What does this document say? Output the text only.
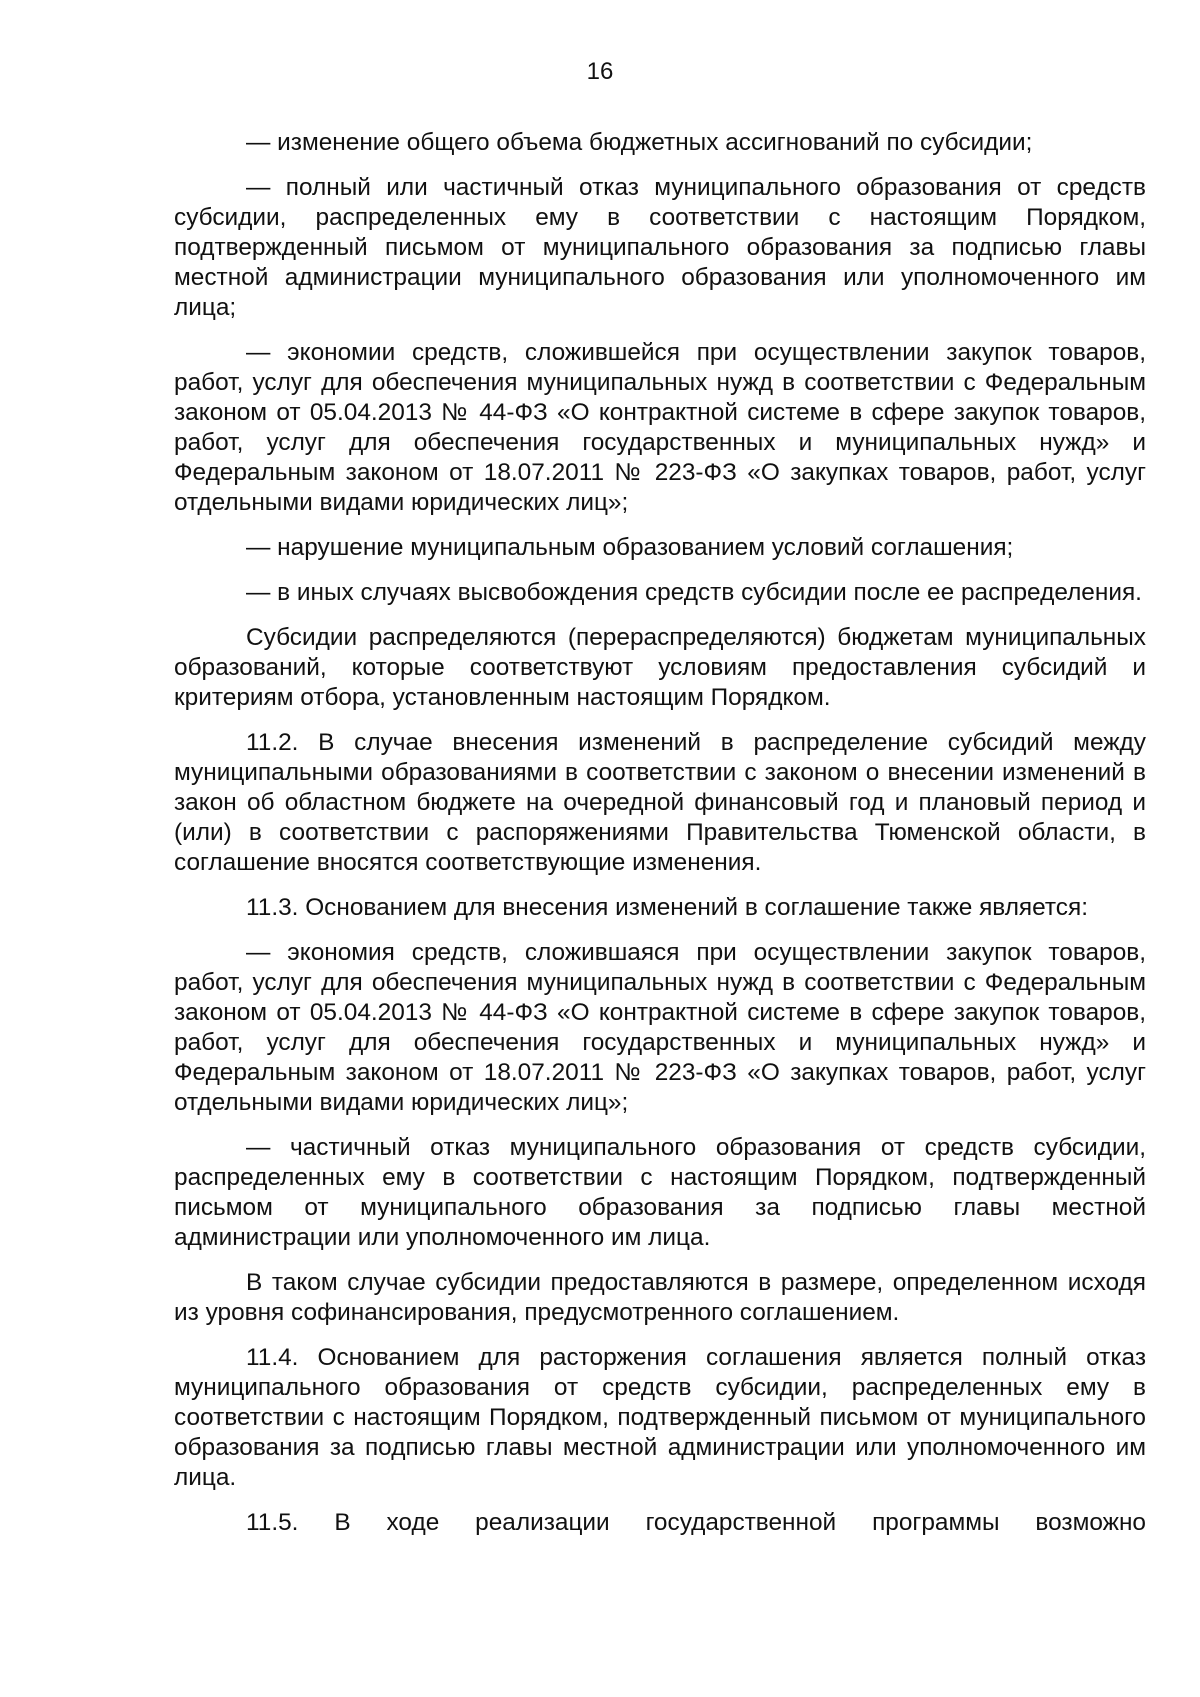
16

— изменение общего объема бюджетных ассигнований по субсидии;

— полный или частичный отказ муниципального образования от средств субсидии, распределенных ему в соответствии с настоящим Порядком, подтвержденный письмом от муниципального образования за подписью главы местной администрации муниципального образования или уполномоченного им лица;

— экономии средств, сложившейся при осуществлении закупок товаров, работ, услуг для обеспечения муниципальных нужд в соответствии с Федеральным законом от 05.04.2013 № 44-ФЗ «О контрактной системе в сфере закупок товаров, работ, услуг для обеспечения государственных и муниципальных нужд» и Федеральным законом от 18.07.2011 № 223-ФЗ «О закупках товаров, работ, услуг отдельными видами юридических лиц»;

— нарушение муниципальным образованием условий соглашения;

— в иных случаях высвобождения средств субсидии после ее распределения.

Субсидии распределяются (перераспределяются) бюджетам муниципальных образований, которые соответствуют условиям предоставления субсидий и критериям отбора, установленным настоящим Порядком.

11.2. В случае внесения изменений в распределение субсидий между муниципальными образованиями в соответствии с законом о внесении изменений в закон об областном бюджете на очередной финансовый год и плановый период и (или) в соответствии с распоряжениями Правительства Тюменской области, в соглашение вносятся соответствующие изменения.

11.3. Основанием для внесения изменений в соглашение также является:

— экономия средств, сложившаяся при осуществлении закупок товаров, работ, услуг для обеспечения муниципальных нужд в соответствии с Федеральным законом от 05.04.2013 № 44-ФЗ «О контрактной системе в сфере закупок товаров, работ, услуг для обеспечения государственных и муниципальных нужд» и Федеральным законом от 18.07.2011 № 223-ФЗ «О закупках товаров, работ, услуг отдельными видами юридических лиц»;

— частичный отказ муниципального образования от средств субсидии, распределенных ему в соответствии с настоящим Порядком, подтвержденный письмом от муниципального образования за подписью главы местной администрации или уполномоченного им лица.

В таком случае субсидии предоставляются в размере, определенном исходя из уровня софинансирования, предусмотренного соглашением.

11.4. Основанием для расторжения соглашения является полный отказ муниципального образования от средств субсидии, распределенных ему в соответствии с настоящим Порядком, подтвержденный письмом от муниципального образования за подписью главы местной администрации или уполномоченного им лица.

11.5. В ходе реализации государственной программы возможно
